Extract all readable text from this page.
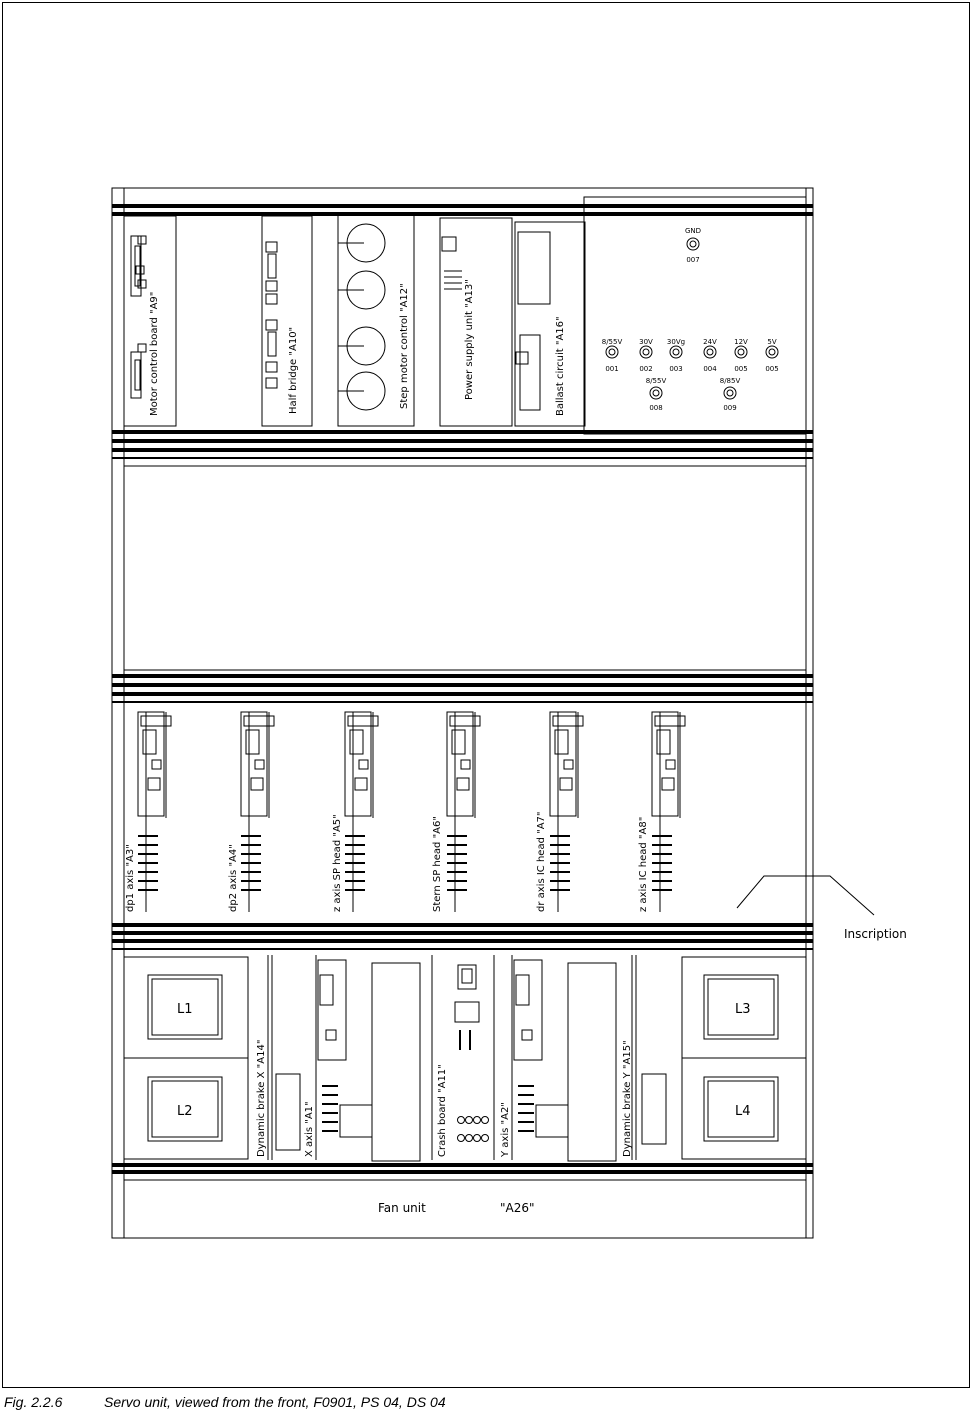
Motor control board "A9"	Half bridge "A10"	Step motor control "A12"	Power supply unit "A13"	Ballast circuit "A16"
GND
007
8/55V
001
30V
002
30Vg
003
24V
004
12V
005
5V
005
8/55V
008
8/85V
009
dp1 axis "A3"	dp2 axis "A4"	z axis SP head "A5"	Stern SP head "A6"	dr axis IC head "A7"	z axis IC head "A8"
Inscription
L1
L2
L3
L4
Dynamic brake X "A14"	X axis "A1"	Crash board "A11"	Y axis "A2"	Dynamic brake Y "A15"
Fan unit	"A26"
Fig. 2.2.6	Servo unit, viewed from the front, F0901, PS 04, DS 04
